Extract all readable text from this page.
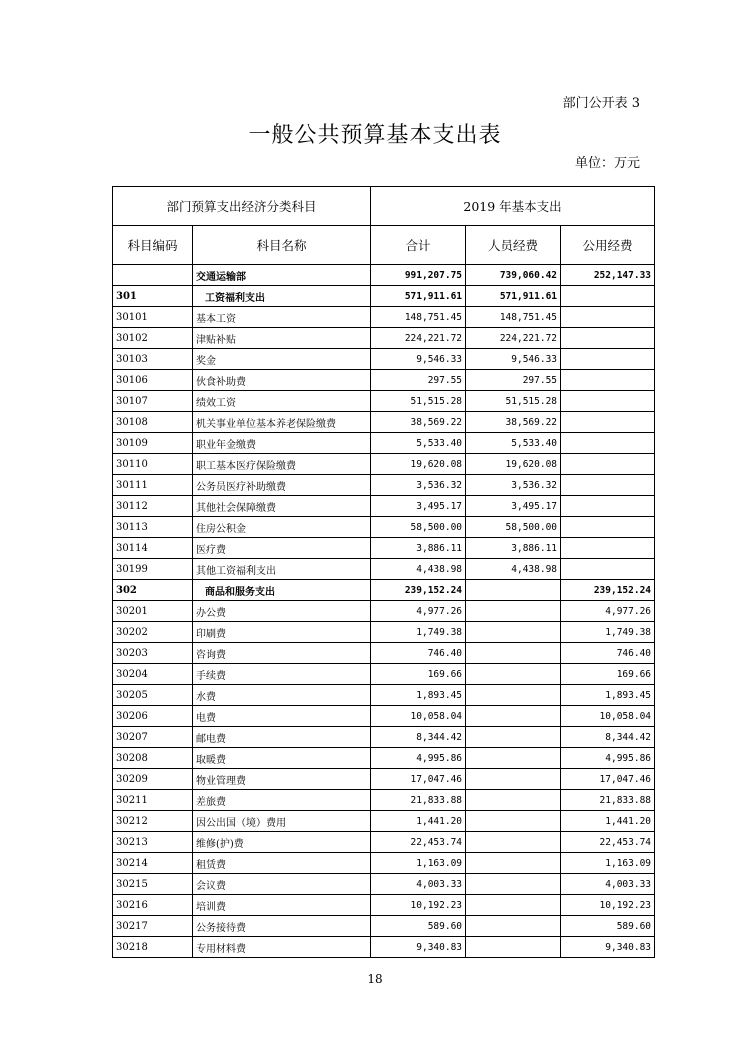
部门公开表 3
一般公共预算基本支出表
单位：万元
部门预算支出经济分类科目		2019 年基本支出		
科目编码	科目名称	合计	人员经费	公用经费
	交通运输部	991,207.75	739,060.42	252,147.33
301	工资福利支出	571,911.61	571,911.61	
30101	基本工资	148,751.45	148,751.45	
30102	津贴补贴	224,221.72	224,221.72	
30103	奖金	9,546.33	9,546.33	
30106	伙食补助费	297.55	297.55	
30107	绩效工资	51,515.28	51,515.28	
30108	机关事业单位基本养老保险缴费	38,569.22	38,569.22	
30109	职业年金缴费	5,533.40	5,533.40	
30110	职工基本医疗保险缴费	19,620.08	19,620.08	
30111	公务员医疗补助缴费	3,536.32	3,536.32	
30112	其他社会保障缴费	3,495.17	3,495.17	
30113	住房公积金	58,500.00	58,500.00	
30114	医疗费	3,886.11	3,886.11	
30199	其他工资福利支出	4,438.98	4,438.98	
302	商品和服务支出	239,152.24		239,152.24
30201	办公费	4,977.26		4,977.26
30202	印刷费	1,749.38		1,749.38
30203	咨询费	746.40		746.40
30204	手续费	169.66		169.66
30205	水费	1,893.45		1,893.45
30206	电费	10,058.04		10,058.04
30207	邮电费	8,344.42		8,344.42
30208	取暖费	4,995.86		4,995.86
30209	物业管理费	17,047.46		17,047.46
30211	差旅费	21,833.88		21,833.88
30212	因公出国（境）费用	1,441.20		1,441.20
30213	维修(护)费	22,453.74		22,453.74
30214	租赁费	1,163.09		1,163.09
30215	会议费	4,003.33		4,003.33
30216	培训费	10,192.23		10,192.23
30217	公务接待费	589.60		589.60
30218	专用材料费	9,340.83		9,340.83
18
